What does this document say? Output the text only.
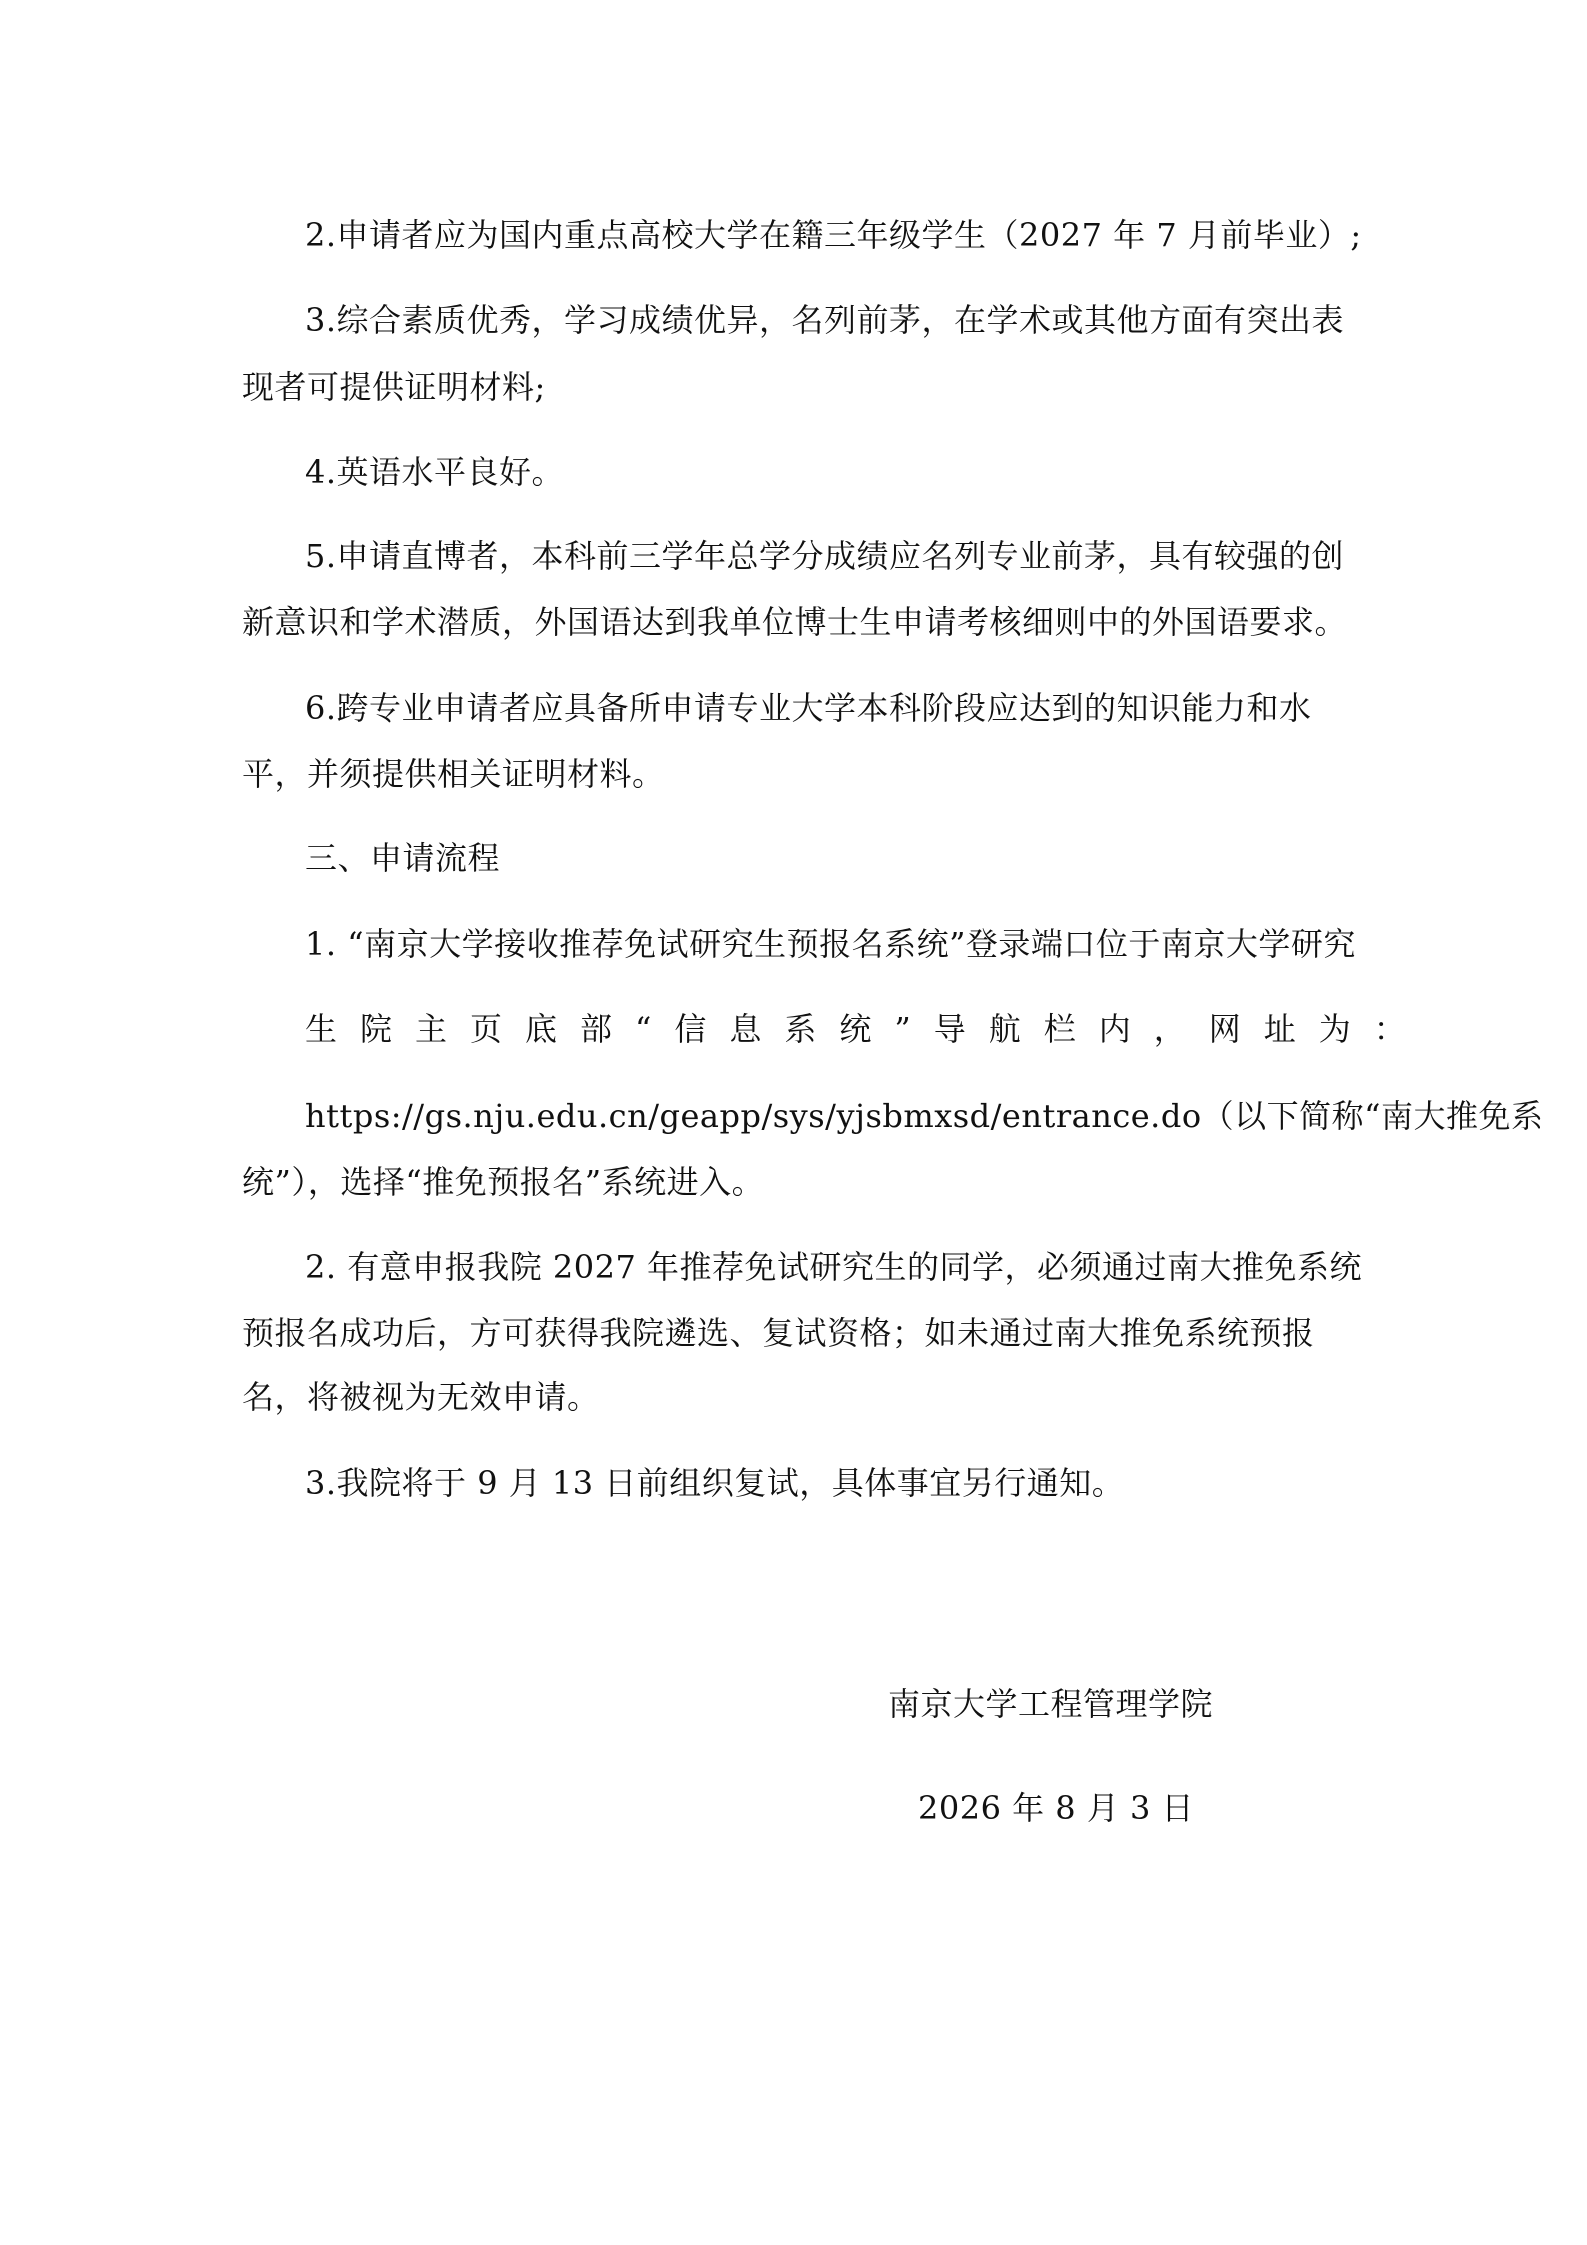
2.申请者应为国内重点高校大学在籍三年级学生（2027 年 7 月前毕业）;
3.综合素质优秀，学习成绩优异，名列前茅，在学术或其他方面有突出表
现者可提供证明材料;
4.英语水平良好。
5.申请直博者，本科前三学年总学分成绩应名列专业前茅，具有较强的创
新意识和学术潜质，外国语达到我单位博士生申请考核细则中的外国语要求。
6.跨专业申请者应具备所申请专业大学本科阶段应达到的知识能力和水
平，并须提供相关证明材料。
三、申请流程
1. “南京大学接收推荐免试研究生预报名系统”登录端口位于南京大学研究
生院主页底部“信息系统”导航栏内，网址为：
https://gs.nju.edu.cn/geapp/sys/yjsbmxsd/entrance.do（以下简称“南大推免系
统”），选择“推免预报名”系统进入。
2. 有意申报我院 2027 年推荐免试研究生的同学，必须通过南大推免系统
预报名成功后，方可获得我院遴选、复试资格；如未通过南大推免系统预报
名，将被视为无效申请。
3.我院将于 9 月 13 日前组织复试，具体事宜另行通知。
南京大学工程管理学院
2026 年 8 月 3 日
